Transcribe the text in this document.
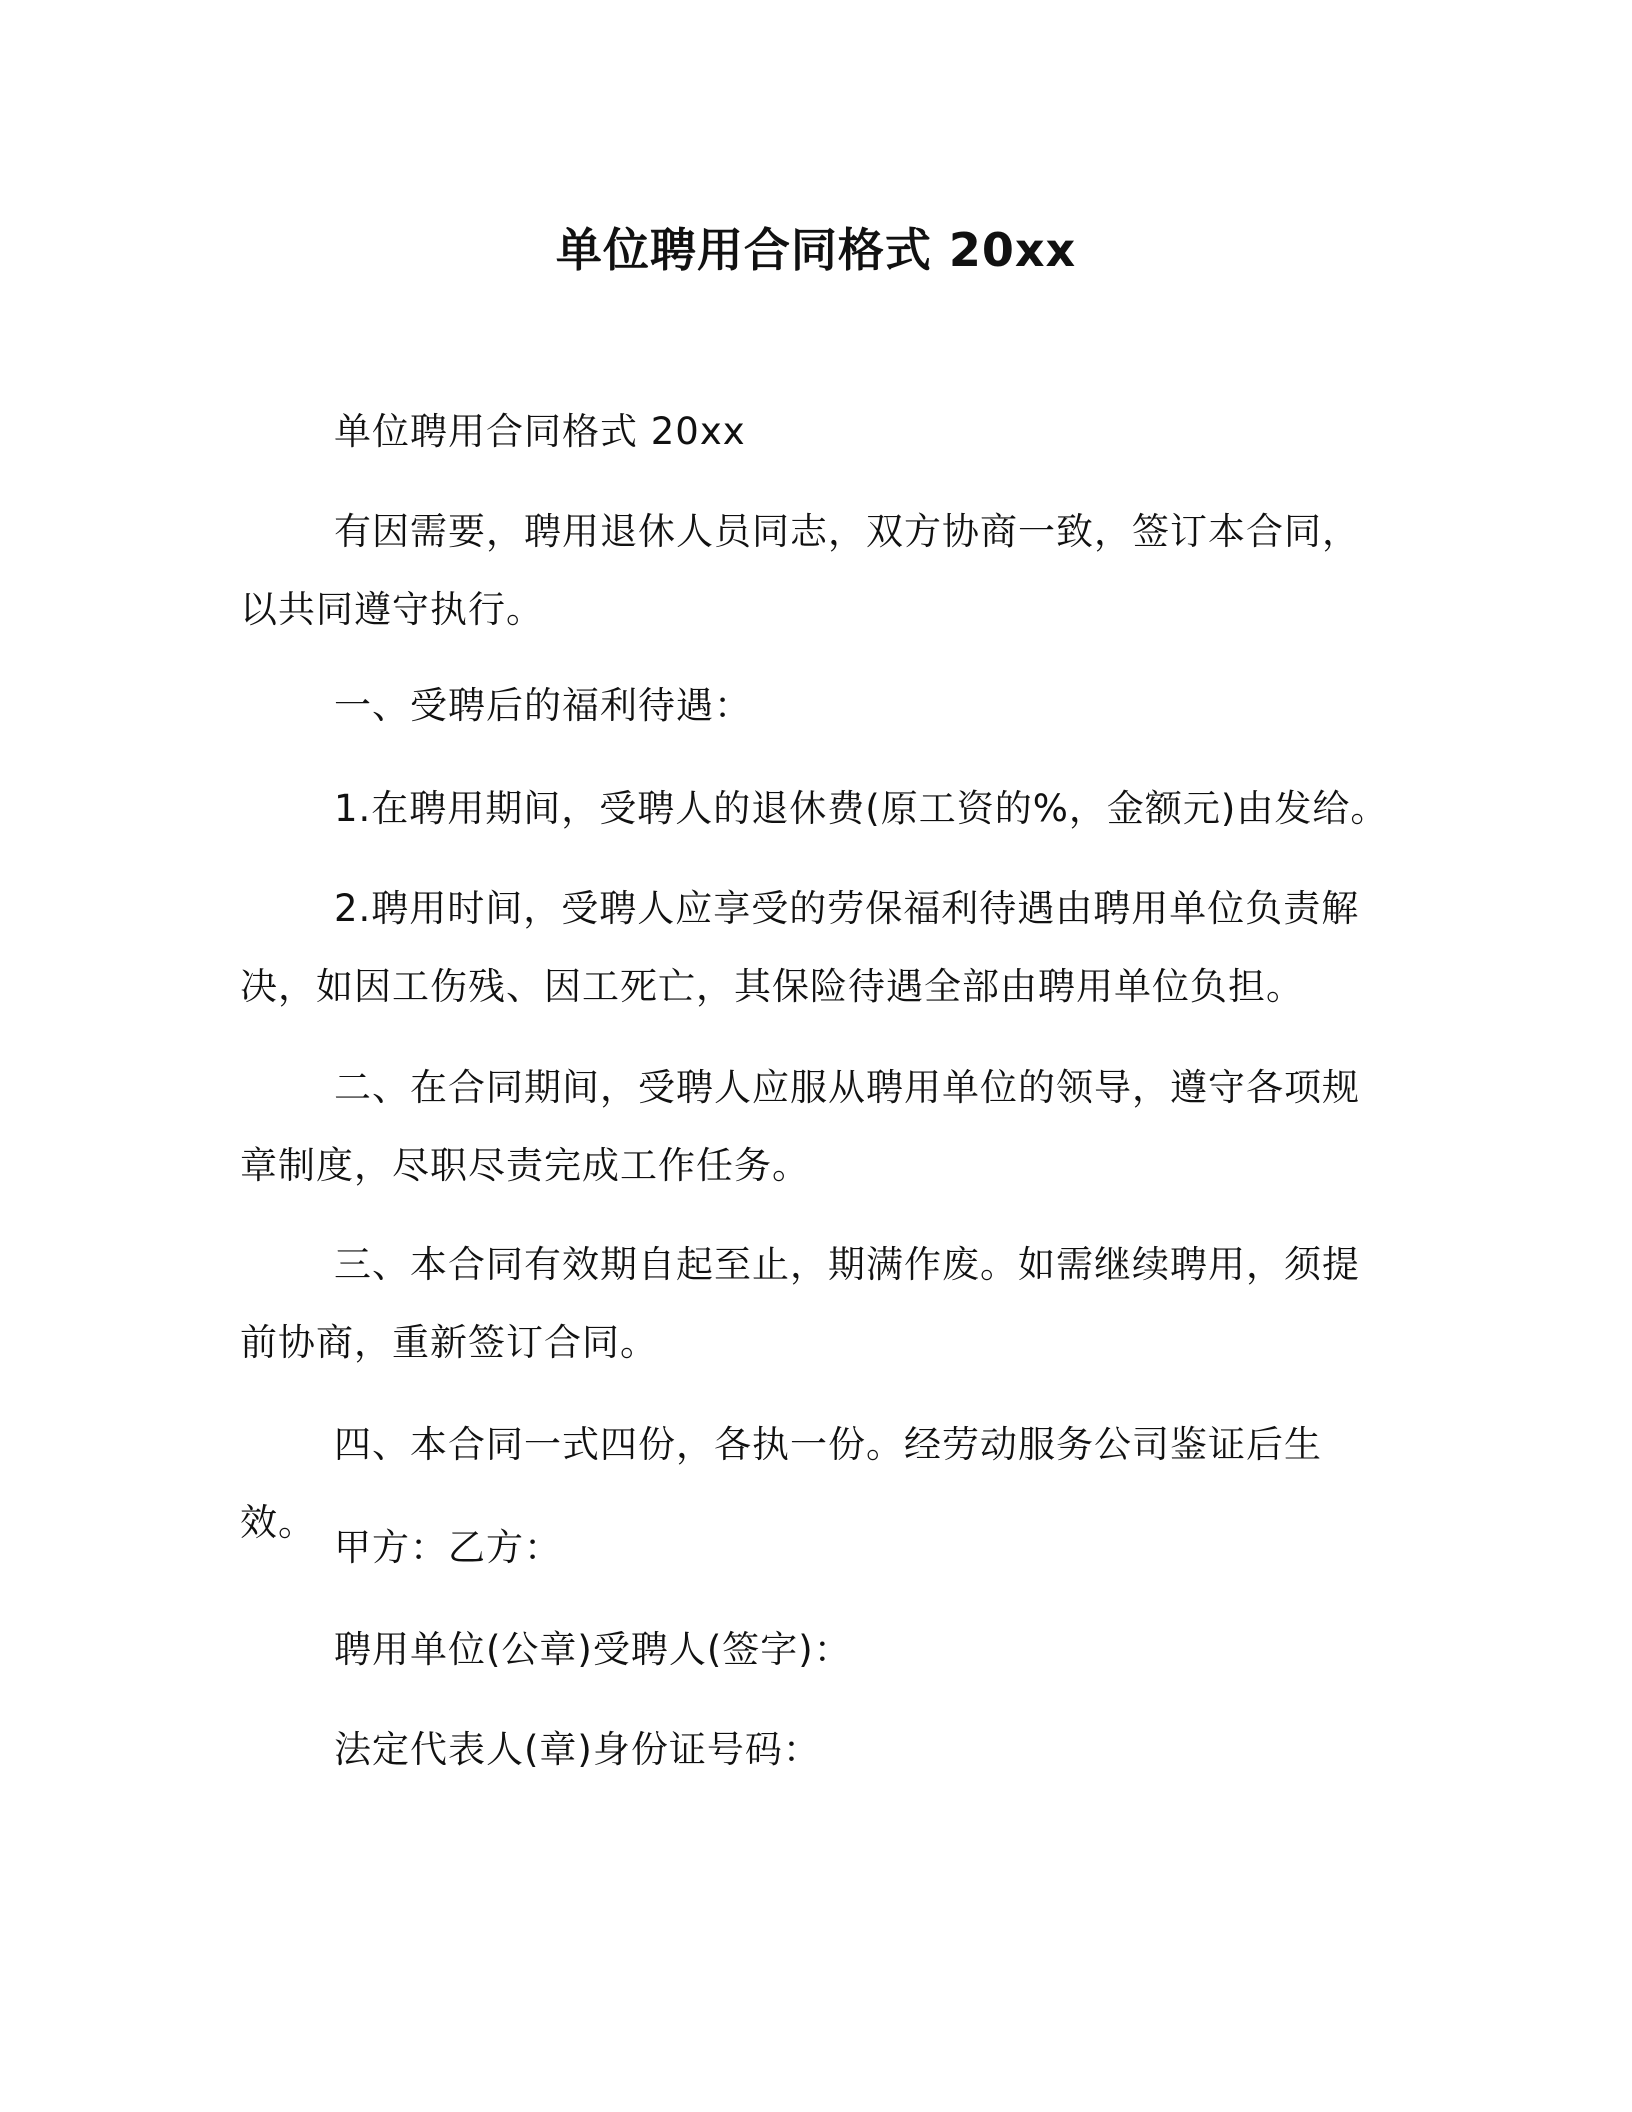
单位聘用合同格式 20xx
单位聘用合同格式 20xx
有因需要，聘用退休人员同志，双方协商一致，签订本合同，以共同遵守执行。
一、受聘后的福利待遇：
1.在聘用期间，受聘人的退休费(原工资的%，金额元)由发给。
2.聘用时间，受聘人应享受的劳保福利待遇由聘用单位负责解决，如因工伤残、因工死亡，其保险待遇全部由聘用单位负担。
二、在合同期间，受聘人应服从聘用单位的领导，遵守各项规章制度，尽职尽责完成工作任务。
三、本合同有效期自起至止，期满作废。如需继续聘用，须提前协商，重新签订合同。
四、本合同一式四份，各执一份。经劳动服务公司鉴证后生效。
甲方：乙方：
聘用单位(公章)受聘人(签字)：
法定代表人(章)身份证号码：
